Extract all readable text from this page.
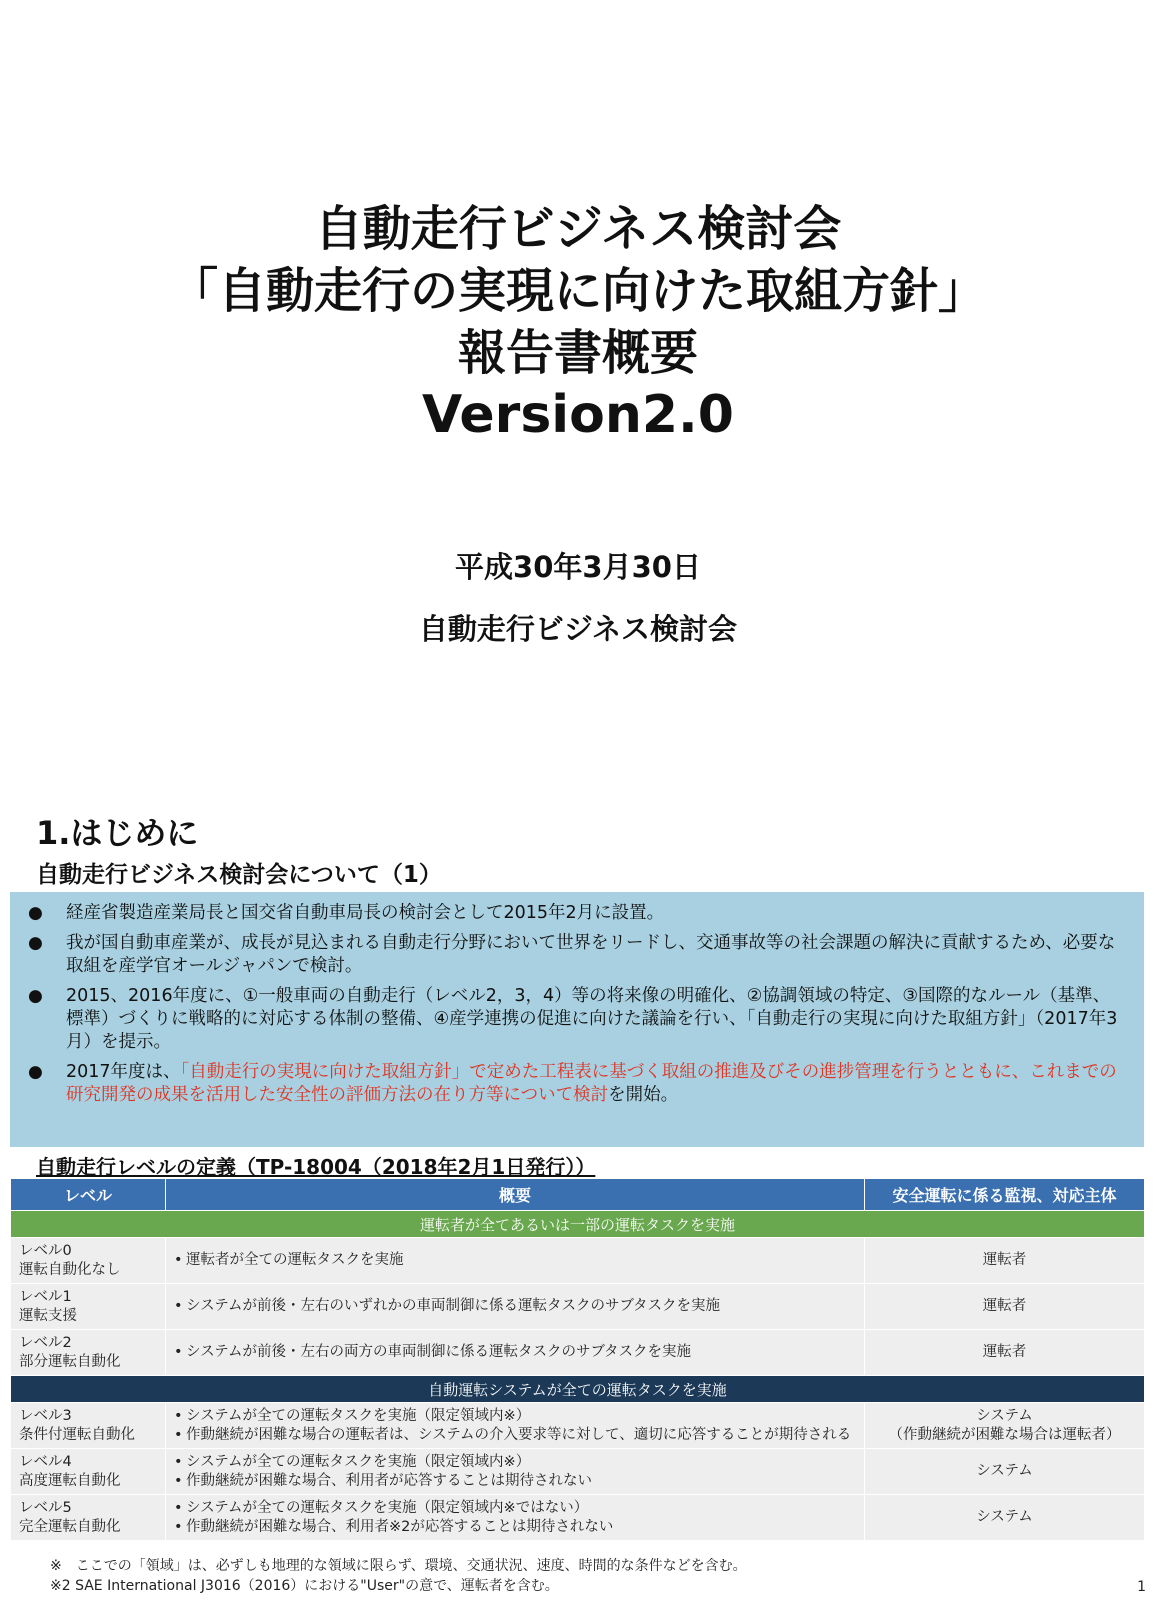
自動走行ビジネス検討会
「自動走行の実現に向けた取組方針」
報告書概要
Version2.0
平成30年3月30日
自動走行ビジネス検討会
1.はじめに
自動走行ビジネス検討会について（1）
● 経産省製造産業局長と国交省自動車局長の検討会として2015年2月に設置。
● 我が国自動車産業が、成長が見込まれる自動走行分野において世界をリードし、交通事故等の社会課題の解決に貢献するため、必要な取組を産学官オールジャパンで検討。
● 2015、2016年度に、①一般車両の自動走行（レベル2，3，4）等の将来像の明確化、②協調領域の特定、③国際的なルール（基準、標準）づくりに戦略的に対応する体制の整備、④産学連携の促進に向けた議論を行い、「自動走行の実現に向けた取組方針」（2017年3月）を提示。
● 2017年度は、「自動走行の実現に向けた取組方針」で定めた工程表に基づく取組の推進及びその進捗管理を行うとともに、これまでの研究開発の成果を活用した安全性の評価方法の在り方等について検討を開始。
自動走行レベルの定義（TP-18004（2018年2月1日発行））
レベル	概要	安全運転に係る監視、対応主体
運転者が全てあるいは一部の運転タスクを実施		
レベル0
運転自動化なし	• 運転者が全ての運転タスクを実施	運転者
レベル1
運転支援	• システムが前後・左右のいずれかの車両制御に係る運転タスクのサブタスクを実施	運転者
レベル2
部分運転自動化	• システムが前後・左右の両方の車両制御に係る運転タスクのサブタスクを実施	運転者
自動運転システムが全ての運転タスクを実施		
レベル3
条件付運転自動化	• システムが全ての運転タスクを実施（限定領域内※）
• 作動継続が困難な場合の運転者は、システムの介入要求等に対して、適切に応答することが期待される	システム
（作動継続が困難な場合は運転者）
レベル4
高度運転自動化	• システムが全ての運転タスクを実施（限定領域内※）
• 作動継続が困難な場合、利用者が応答することは期待されない	システム
レベル5
完全運転自動化	• システムが全ての運転タスクを実施（限定領域内※ではない）
• 作動継続が困難な場合、利用者※2が応答することは期待されない	システム
※　ここでの「領域」は、必ずしも地理的な領域に限らず、環境、交通状況、速度、時間的な条件などを含む。
※2 SAE International J3016（2016）における"User"の意で、運転者を含む。	1
